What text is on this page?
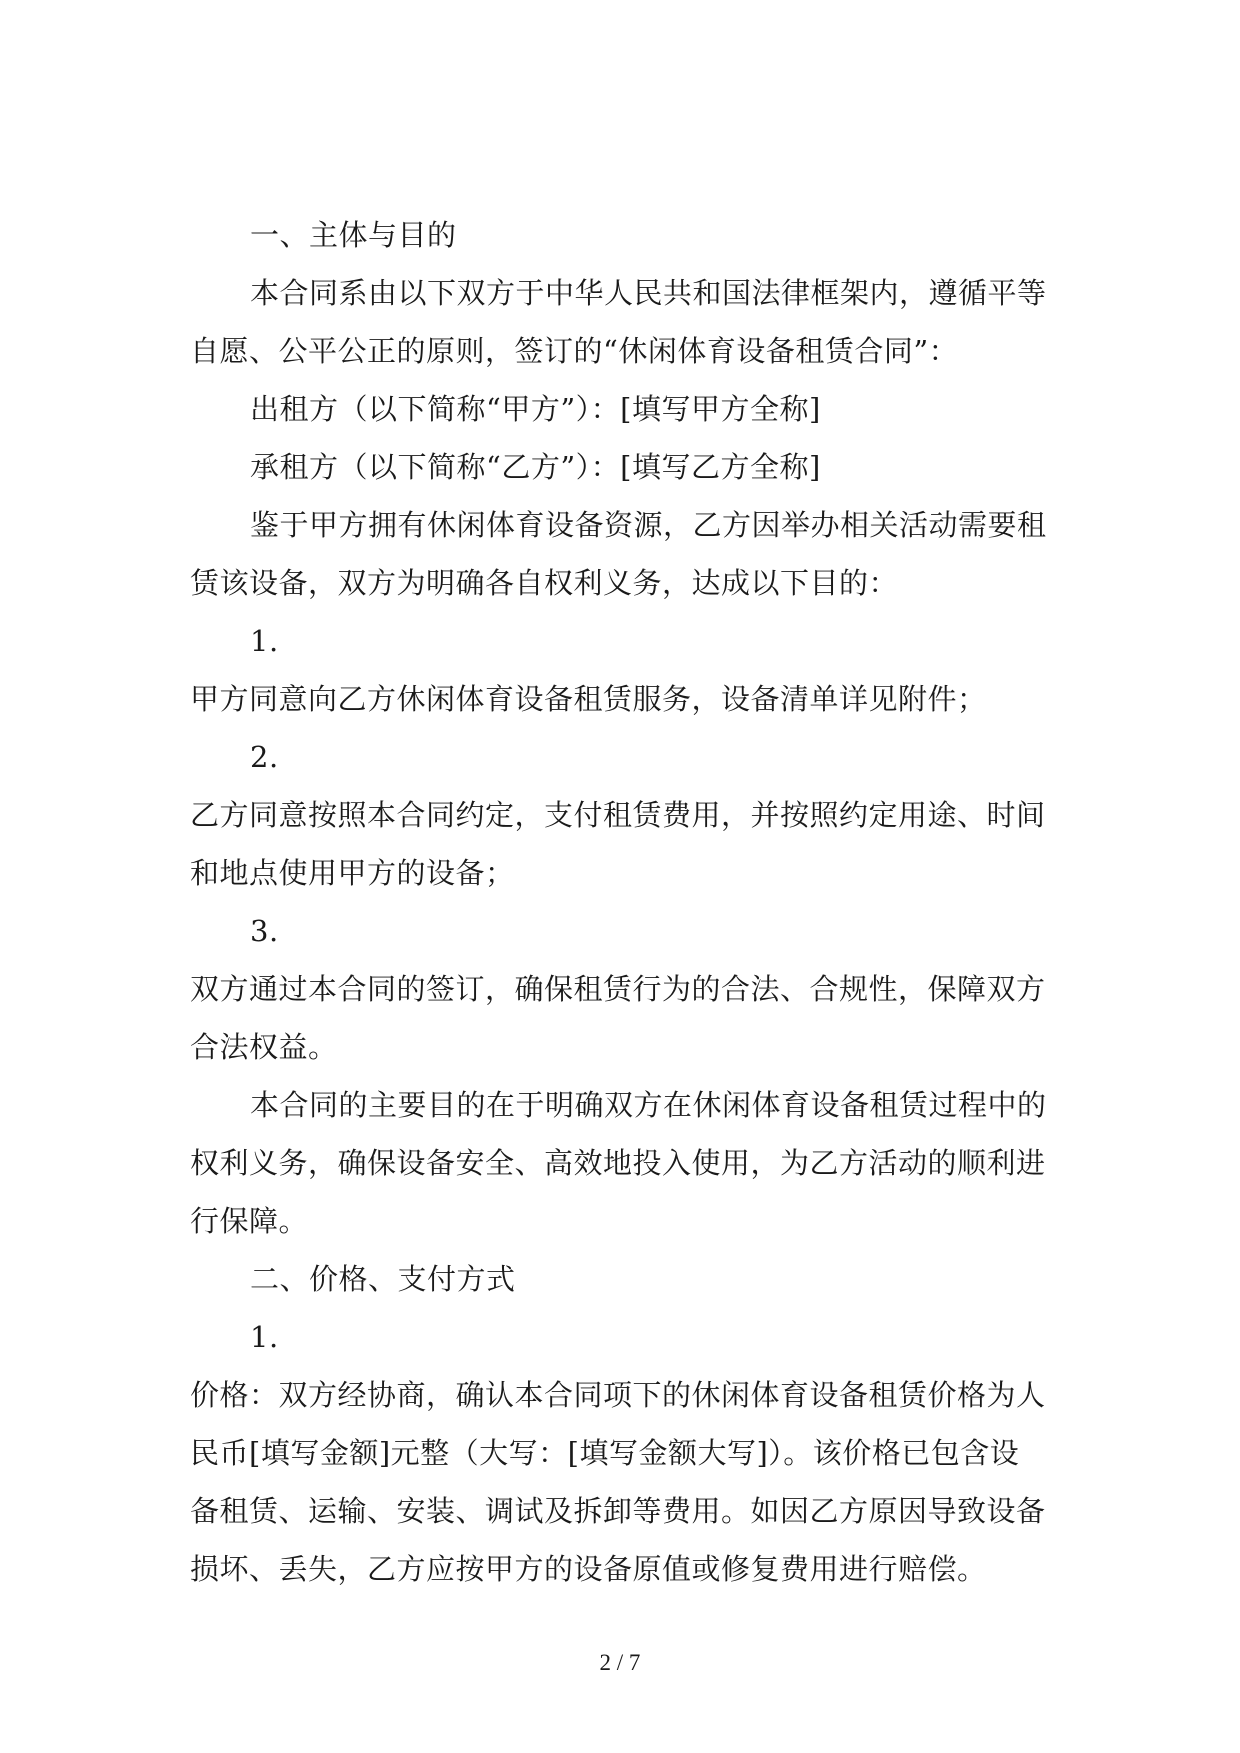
一、主体与目的
本合同系由以下双方于中华人民共和国法律框架内，遵循平等
自愿、公平公正的原则，签订的“休闲体育设备租赁合同”：
出租方（以下简称“甲方”）：[填写甲方全称]
承租方（以下简称“乙方”）：[填写乙方全称]
鉴于甲方拥有休闲体育设备资源，乙方因举办相关活动需要租
赁该设备，双方为明确各自权利义务，达成以下目的：
1.
甲方同意向乙方休闲体育设备租赁服务，设备清单详见附件；
2.
乙方同意按照本合同约定，支付租赁费用，并按照约定用途、时间
和地点使用甲方的设备；
3.
双方通过本合同的签订，确保租赁行为的合法、合规性，保障双方
合法权益。
本合同的主要目的在于明确双方在休闲体育设备租赁过程中的
权利义务，确保设备安全、高效地投入使用，为乙方活动的顺利进
行保障。
二、价格、支付方式
1.
价格：双方经协商，确认本合同项下的休闲体育设备租赁价格为人
民币[填写金额]元整（大写：[填写金额大写]）。该价格已包含设
备租赁、运输、安装、调试及拆卸等费用。如因乙方原因导致设备
损坏、丢失，乙方应按甲方的设备原值或修复费用进行赔偿。
2 / 7
